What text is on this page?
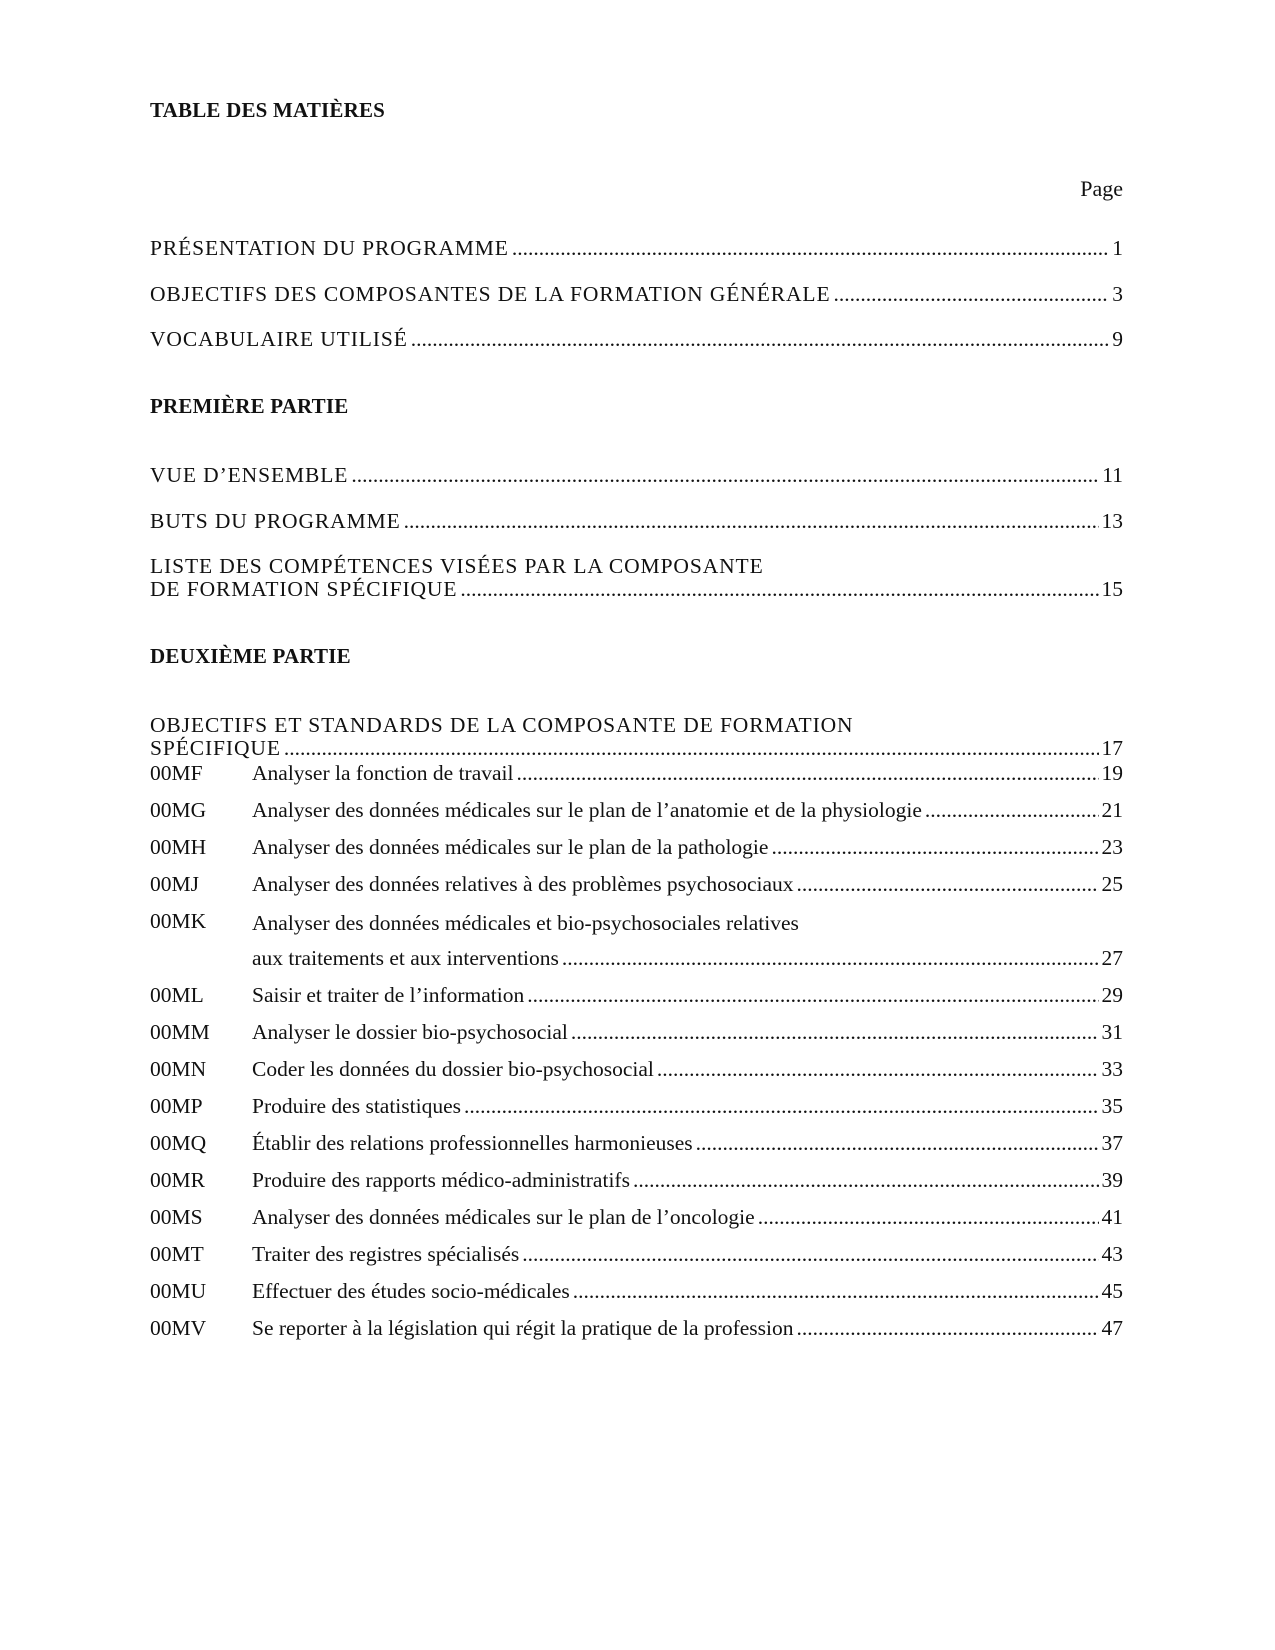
TABLE DES MATIÈRES
Page
PRÉSENTATION DU PROGRAMME .....	1
OBJECTIFS DES COMPOSANTES DE LA FORMATION GÉNÉRALE .....	3
VOCABULAIRE UTILISÉ .....	9
PREMIÈRE PARTIE
VUE D’ENSEMBLE .....	11
BUTS DU PROGRAMME .....	13
LISTE DES COMPÉTENCES VISÉES PAR LA COMPOSANTE
DE FORMATION SPÉCIFIQUE .....	15
DEUXIÈME PARTIE
OBJECTIFS ET STANDARDS DE LA COMPOSANTE DE FORMATION
SPÉCIFIQUE .....	17
00MF	Analyser la fonction de travail .....	19
00MG	Analyser des données médicales sur le plan de l’anatomie et de la physiologie .....	21
00MH	Analyser des données médicales sur le plan de la pathologie .....	23
00MJ	Analyser des données relatives à des problèmes psychosociaux .....	25
00MK	Analyser des données médicales et bio-psychosociales relatives
aux traitements et aux interventions .....	27
00ML	Saisir et traiter de l’information .....	29
00MM	Analyser le dossier bio-psychosocial .....	31
00MN	Coder les données du dossier bio-psychosocial .....	33
00MP	Produire des statistiques .....	35
00MQ	Établir des relations professionnelles harmonieuses .....	37
00MR	Produire des rapports médico-administratifs .....	39
00MS	Analyser des données médicales sur le plan de l’oncologie .....	41
00MT	Traiter des registres spécialisés .....	43
00MU	Effectuer des études socio-médicales .....	45
00MV	Se reporter à la législation qui régit la pratique de la profession .....	47
